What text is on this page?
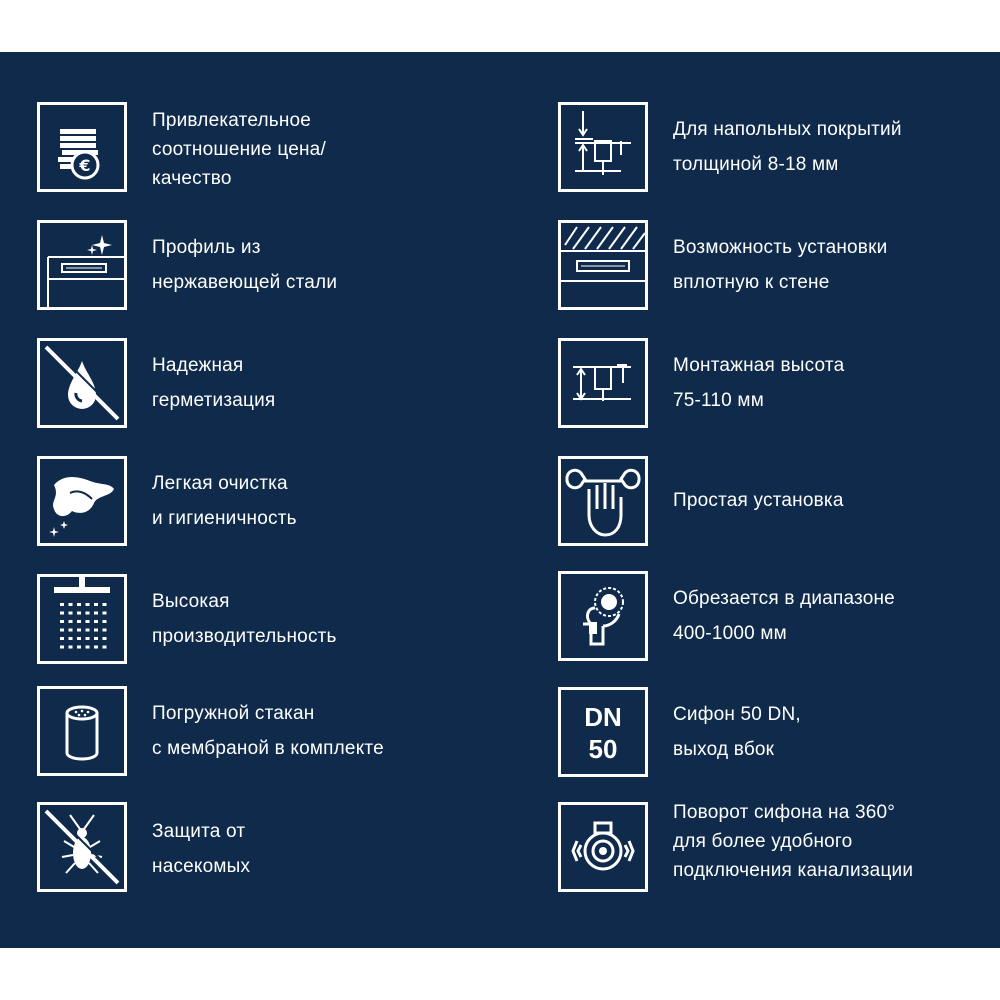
€
Привлекательное
соотношение цена/
качество
Профиль из
нержавеющей стали
Надежная
герметизация
Легкая очистка
и гигиеничность
Высокая
производительность
Погружной стакан
с мембраной в комплекте
Защита от
насекомых
Для напольных покрытий
толщиной 8-18 мм
Возможность установки
вплотную к стене
Монтажная высота
75-110 мм
Простая установка
Обрезается в диапазоне
400-1000 мм
DN
50
Сифон 50 DN,
выход вбок
Поворот сифона на 360°
для более удобного
подключения канализации
